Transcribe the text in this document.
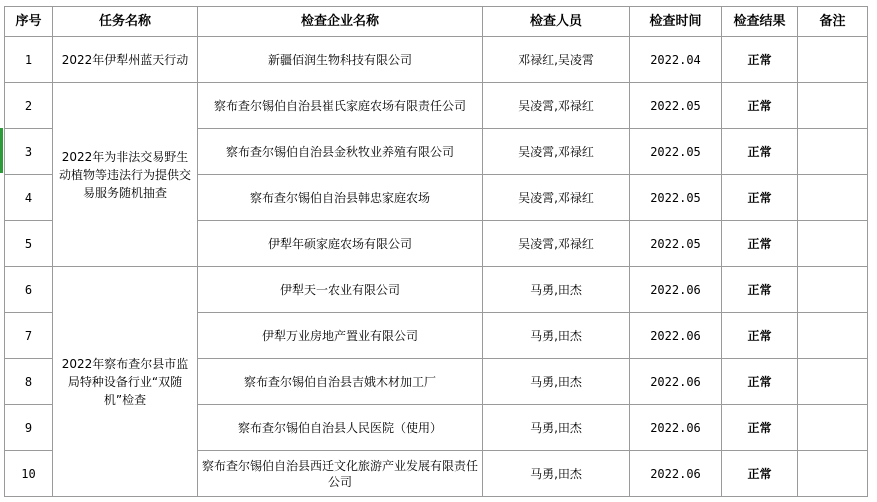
序号	任务名称	检查企业名称	检查人员	检查时间	检查结果	备注
1	2022年伊犁州蓝天行动	新疆佰润生物科技有限公司	邓禄红,吴凌霄	2022.04	正常	
2	2022年为非法交易野生动植物等违法行为提供交易服务随机抽查	察布查尔锡伯自治县崔氏家庭农场有限责任公司	吴凌霄,邓禄红	2022.05	正常	
3		察布查尔锡伯自治县金秋牧业养殖有限公司	吴凌霄,邓禄红	2022.05	正常	
4		察布查尔锡伯自治县韩忠家庭农场	吴凌霄,邓禄红	2022.05	正常	
5		伊犁年硕家庭农场有限公司	吴凌霄,邓禄红	2022.05	正常	
6	2022年察布查尔县市监局特种设备行业“双随机”检查	伊犁天一农业有限公司	马勇,田杰	2022.06	正常	
7		伊犁万业房地产置业有限公司	马勇,田杰	2022.06	正常	
8		察布查尔锡伯自治县吉娥木材加工厂	马勇,田杰	2022.06	正常	
9		察布查尔锡伯自治县人民医院（使用）	马勇,田杰	2022.06	正常	
10		察布查尔锡伯自治县西迁文化旅游产业发展有限责任公司	马勇,田杰	2022.06	正常	
